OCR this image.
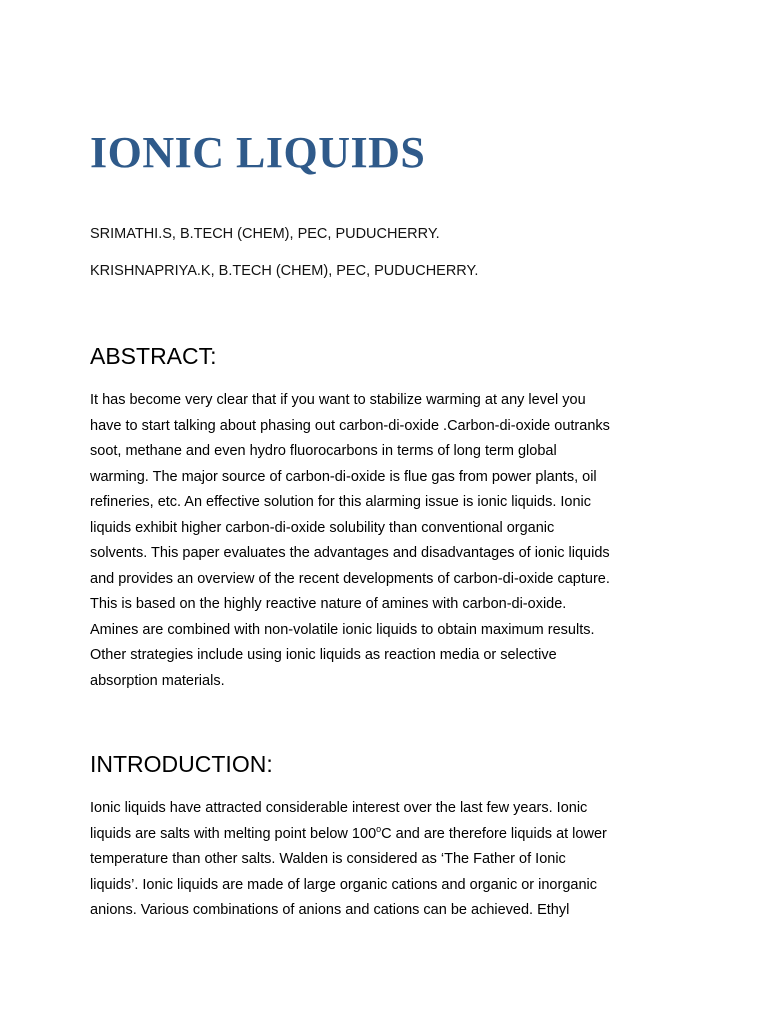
IONIC LIQUIDS

SRIMATHI.S, B.TECH (CHEM), PEC, PUDUCHERRY.

KRISHNAPRIYA.K, B.TECH (CHEM), PEC, PUDUCHERRY.

ABSTRACT:
It has become very clear that if you want to stabilize warming at any level you
have to start talking about phasing out carbon-di-oxide .Carbon-di-oxide outranks
soot, methane and even hydro fluorocarbons in terms of long term global
warming. The major source of carbon-di-oxide is flue gas from power plants, oil
refineries, etc. An effective solution for this alarming issue is ionic liquids. Ionic
liquids exhibit higher carbon-di-oxide solubility than conventional organic
solvents. This paper evaluates the advantages and disadvantages of ionic liquids
and provides an overview of the recent developments of carbon-di-oxide capture.
This is based on the highly reactive nature of amines with carbon-di-oxide.
Amines are combined with non-volatile ionic liquids to obtain maximum results.
Other strategies include using ionic liquids as reaction media or selective
absorption materials.
INTRODUCTION:
Ionic liquids have attracted considerable interest over the last few years. Ionic
liquids are salts with melting point below 100$^o$C and are therefore liquids at lower
temperature than other salts. Walden is considered as ‘The Father of Ionic
liquids’. Ionic liquids are made of large organic cations and organic or inorganic
anions. Various combinations of anions and cations can be achieved. Ethyl
